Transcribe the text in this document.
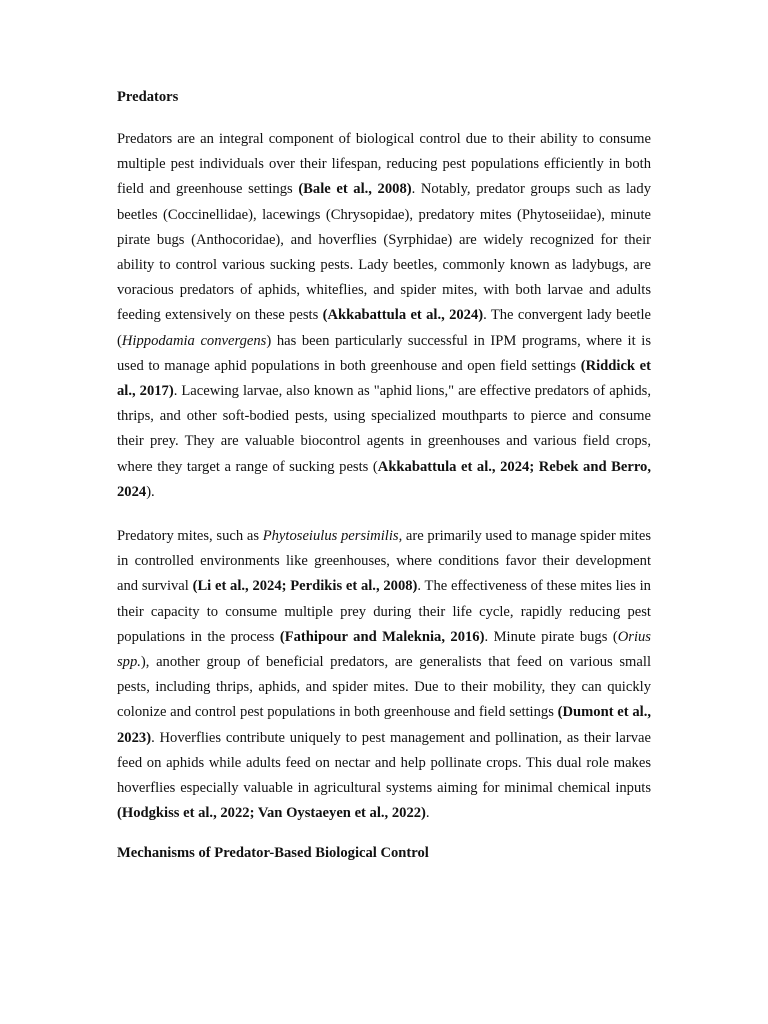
Predators

Predators are an integral component of biological control due to their ability to consume multiple pest individuals over their lifespan, reducing pest populations efficiently in both field and greenhouse settings (Bale et al., 2008). Notably, predator groups such as lady beetles (Coccinellidae), lacewings (Chrysopidae), predatory mites (Phytoseiidae), minute pirate bugs (Anthocoridae), and hoverflies (Syrphidae) are widely recognized for their ability to control various sucking pests. Lady beetles, commonly known as ladybugs, are voracious predators of aphids, whiteflies, and spider mites, with both larvae and adults feeding extensively on these pests (Akkabattula et al., 2024). The convergent lady beetle (Hippodamia convergens) has been particularly successful in IPM programs, where it is used to manage aphid populations in both greenhouse and open field settings (Riddick et al., 2017). Lacewing larvae, also known as "aphid lions," are effective predators of aphids, thrips, and other soft-bodied pests, using specialized mouthparts to pierce and consume their prey. They are valuable biocontrol agents in greenhouses and various field crops, where they target a range of sucking pests (Akkabattula et al., 2024; Rebek and Berro, 2024).

Predatory mites, such as Phytoseiulus persimilis, are primarily used to manage spider mites in controlled environments like greenhouses, where conditions favor their development and survival (Li et al., 2024; Perdikis et al., 2008). The effectiveness of these mites lies in their capacity to consume multiple prey during their life cycle, rapidly reducing pest populations in the process (Fathipour and Maleknia, 2016). Minute pirate bugs (Orius spp.), another group of beneficial predators, are generalists that feed on various small pests, including thrips, aphids, and spider mites. Due to their mobility, they can quickly colonize and control pest populations in both greenhouse and field settings (Dumont et al., 2023). Hoverflies contribute uniquely to pest management and pollination, as their larvae feed on aphids while adults feed on nectar and help pollinate crops. This dual role makes hoverflies especially valuable in agricultural systems aiming for minimal chemical inputs (Hodgkiss et al., 2022; Van Oystaeyen et al., 2022).

Mechanisms of Predator-Based Biological Control
